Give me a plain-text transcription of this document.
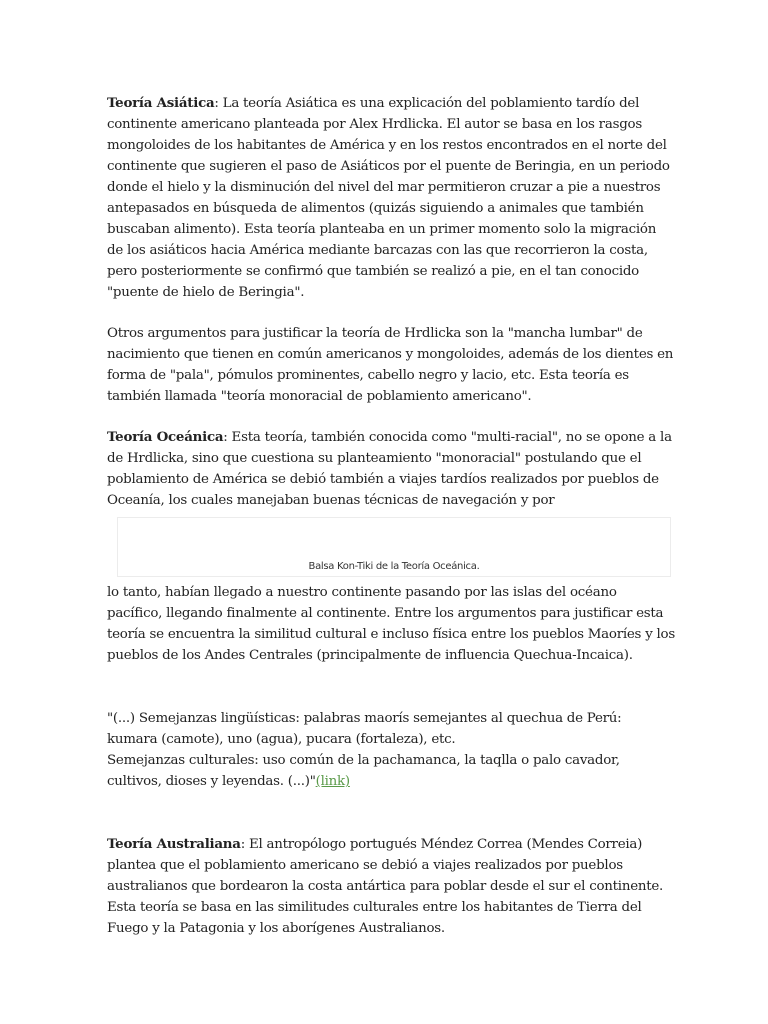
Teoría Asiática: La teoría Asiática es una explicación del poblamiento tardío del continente americano planteada por Alex Hrdlicka. El autor se basa en los rasgos mongoloides de los habitantes de América y en los restos encontrados en el norte del continente que sugieren el paso de Asiáticos por el puente de Beringia, en un periodo donde el hielo y la disminución del nivel del mar permitieron cruzar a pie a nuestros antepasados en búsqueda de alimentos (quizás siguiendo a animales que también buscaban alimento). Esta teoría planteaba en un primer momento solo la migración de los asiáticos hacia América mediante barcazas con las que recorrieron la costa, pero posteriormente se confirmó que también se realizó a pie, en el tan conocido "puente de hielo de Beringia".

Otros argumentos para justificar la teoría de Hrdlicka son la "mancha lumbar" de nacimiento que tienen en común americanos y mongoloides, además de los dientes en forma de "pala", pómulos prominentes, cabello negro y lacio, etc. Esta teoría es también llamada "teoría monoracial de poblamiento americano".

Teoría Oceánica: Esta teoría, también conocida como "multi-racial", no se opone a la de Hrdlicka, sino que cuestiona su planteamiento "monoracial" postulando que el poblamiento de América se debió también a viajes tardíos realizados por pueblos de Oceanía, los cuales manejaban buenas técnicas de navegación y por

Balsa Kon-Tiki de la Teoría Oceánica.

lo tanto, habían llegado a nuestro continente pasando por las islas del océano pacífico, llegando finalmente al continente. Entre los argumentos para justificar esta teoría se encuentra la similitud cultural e incluso física entre los pueblos Maoríes y los pueblos de los Andes Centrales (principalmente de influencia Quechua-Incaica).

"(...) Semejanzas lingüísticas: palabras maorís semejantes al quechua de Perú: kumara (camote), uno (agua), pucara (fortaleza), etc.
Semejanzas culturales: uso común de la pachamanca, la taqlla o palo cavador, cultivos, dioses y leyendas. (...)"(link)

Teoría Australiana: El antropólogo portugués Méndez Correa (Mendes Correia) plantea que el poblamiento americano se debió a viajes realizados por pueblos australianos que bordearon la costa antártica para poblar desde el sur el continente. Esta teoría se basa en las similitudes culturales entre los habitantes de Tierra del Fuego y la Patagonia y los aborígenes Australianos.
